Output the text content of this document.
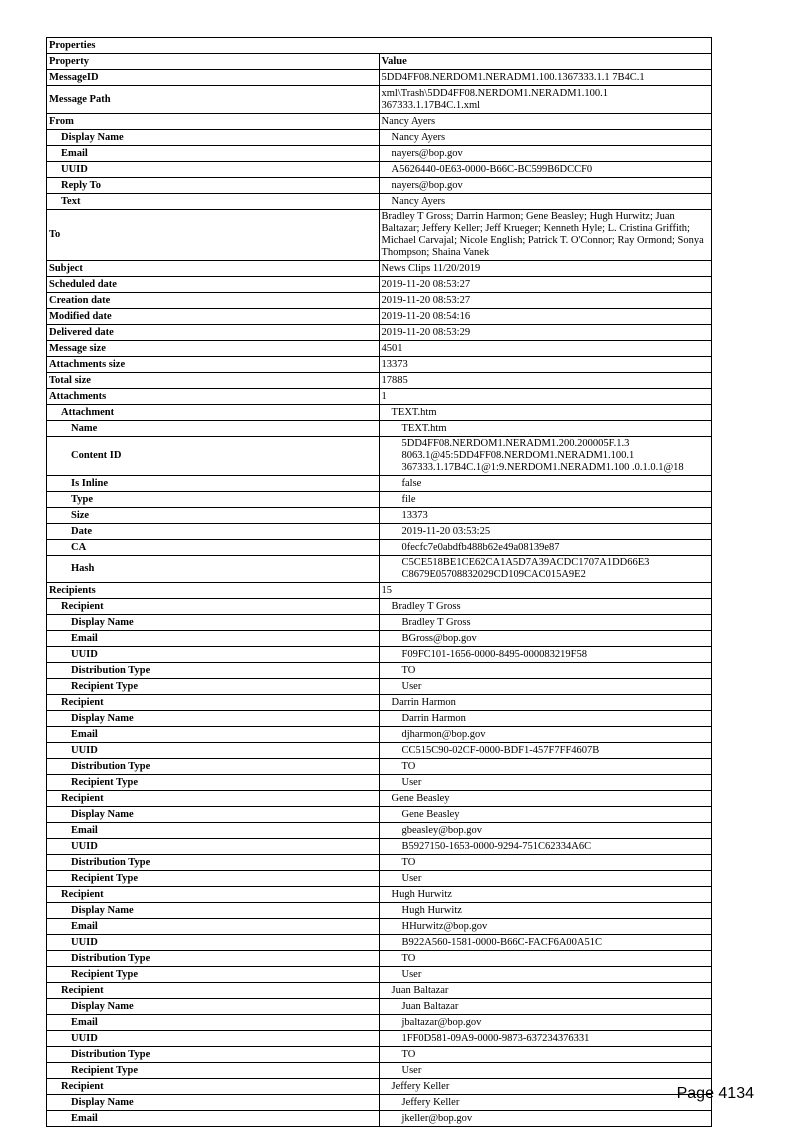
Properties	
Property	Value
MessageID	5DD4FF08.NERDOM1.NERADM1.100.1367333.1.1 7B4C.1
Message Path	xml\Trash\5DD4FF08.NERDOM1.NERADM1.100.1 367333.1.17B4C.1.xml
From	Nancy Ayers
Display Name	Nancy Ayers
Email	nayers@bop.gov
UUID	A5626440-0E63-0000-B66C-BC599B6DCCF0
Reply To	nayers@bop.gov
Text	Nancy Ayers
To	Bradley T Gross; Darrin Harmon; Gene Beasley; Hugh Hurwitz; Juan Baltazar; Jeffery Keller; Jeff Krueger; Kenneth Hyle; L. Cristina Griffith; Michael Carvajal; Nicole English; Patrick T. O'Connor; Ray Ormond; Sonya Thompson; Shaina Vanek
Subject	News Clips 11/20/2019
Scheduled date	2019-11-20 08:53:27
Creation date	2019-11-20 08:53:27
Modified date	2019-11-20 08:54:16
Delivered date	2019-11-20 08:53:29
Message size	4501
Attachments size	13373
Total size	17885
Attachments	1
Attachment	TEXT.htm
Name	TEXT.htm
Content ID	5DD4FF08.NERDOM1.NERADM1.200.200005F.1.3 8063.1@45:5DD4FF08.NERDOM1.NERADM1.100.1 367333.1.17B4C.1@1:9.NERDOM1.NERADM1.100 .0.1.0.1@18
Is Inline	false
Type	file
Size	13373
Date	2019-11-20 03:53:25
CA	0fecfc7e0abdfb488b62e49a08139e87
Hash	C5CE518BE1CE62CA1A5D7A39ACDC1707A1DD66E3 C8679E05708832029CD109CAC015A9E2
Recipients	15
Recipient	Bradley T Gross
Display Name	Bradley T Gross
Email	BGross@bop.gov
UUID	F09FC101-1656-0000-8495-000083219F58
Distribution Type	TO
Recipient Type	User
Recipient	Darrin Harmon
Display Name	Darrin Harmon
Email	djharmon@bop.gov
UUID	CC515C90-02CF-0000-BDF1-457F7FF4607B
Distribution Type	TO
Recipient Type	User
Recipient	Gene Beasley
Display Name	Gene Beasley
Email	gbeasley@bop.gov
UUID	B5927150-1653-0000-9294-751C62334A6C
Distribution Type	TO
Recipient Type	User
Recipient	Hugh Hurwitz
Display Name	Hugh Hurwitz
Email	HHurwitz@bop.gov
UUID	B922A560-1581-0000-B66C-FACF6A00A51C
Distribution Type	TO
Recipient Type	User
Recipient	Juan Baltazar
Display Name	Juan Baltazar
Email	jbaltazar@bop.gov
UUID	1FF0D581-09A9-0000-9873-637234376331
Distribution Type	TO
Recipient Type	User
Recipient	Jeffery Keller
Display Name	Jeffery Keller
Email	jkeller@bop.gov
Page 4134
